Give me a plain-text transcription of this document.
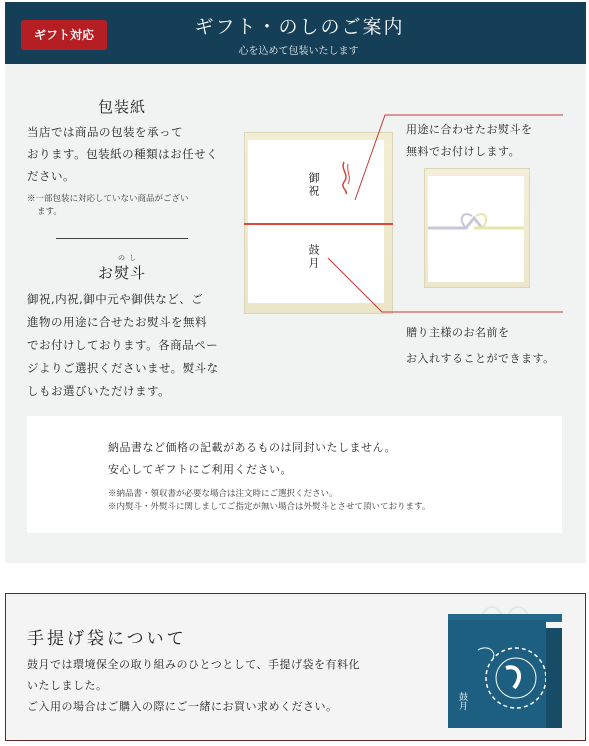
ギフト対応	ギフト・のしのご案内
心を込めて包装いたします
包装紙
当店では商品の包装を承って
おります。包装紙の種類はお任せく
ださい。
※一部包装に対応していない商品がござい
ます。
のし
お熨斗
御祝,内祝,御中元や御供など、ご
進物の用途に合せたお熨斗を無料
でお付けしております。各商品ペー
ジよりご選択くださいませ。熨斗な
しもお選びいただけます。
御祝
鼓月
用途に合わせたお熨斗を
無料でお付けします。
贈り主様のお名前を
お入れすることができます。
納品書など価格の記載があるものは同封いたしません。
安心してギフトにご利用ください。
※納品書・領収書が必要な場合は注文時にご選択ください。
※内熨斗・外熨斗に関しましてご指定が無い場合は外熨斗とさせて頂いております。
手提げ袋について
鼓月では環境保全の取り組みのひとつとして、手提げ袋を有料化
いたしました。
ご入用の場合はご購入の際にご一緒にお買い求めください。	鼓月
